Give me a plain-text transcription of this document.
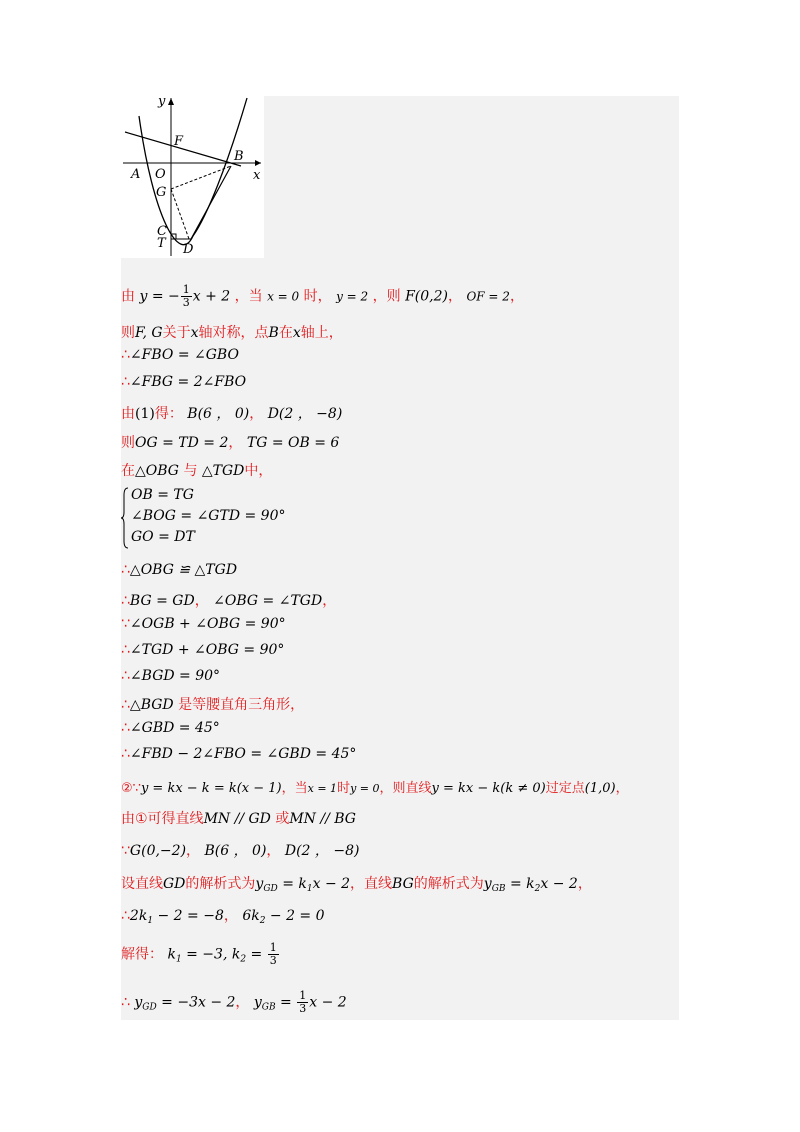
y
x
F
B
A O
G
C
T D
由 y = − $\frac{1}{3}$ x + 2 ，当 x = 0 时， y = 2 ，则 F(0,2)， OF = 2，
则F, G关于x轴对称，点B在x轴上，
∴∠FBO = ∠GBO
∴∠FBG = 2∠FBO
由(1)得： B(6 ， 0)， D(2 ， −8)
则OG = TD = 2， TG = OB = 6
在△OBG 与 △TGD中，
OB = TG
∠BOG = ∠GTD = 90°
GO = DT
∴△OBG ≌ △TGD
∴BG = GD， ∠OBG = ∠TGD，
∵∠OGB + ∠OBG = 90°
∴∠TGD + ∠OBG = 90°
∴∠BGD = 90°
∴△BGD 是等腰直角三角形，
∴∠GBD = 45°
∴∠FBD − 2∠FBO = ∠GBD = 45°
②∵y = kx − k = k(x − 1)，当x = 1时y = 0，则直线y = kx − k(k ≠ 0)过定点(1,0)，
由①可得直线MN // GD 或MN // BG
∵G(0,−2)， B(6 ， 0)， D(2 ， −8)
设直线GD的解析式为$y_{GD} = k_1x - 2$，直线BG的解析式为$y_{GB} = k_2x - 2$，
$\therefore 2k_1 - 2 = -8$， $6k_2 - 2 = 0$
解得： $k_1 = -3$, $k_2 = \frac{1}{3}$
∴ $y_{GD} = -3x - 2$， $y_{GB} = \frac{1}{3}$ x − 2
